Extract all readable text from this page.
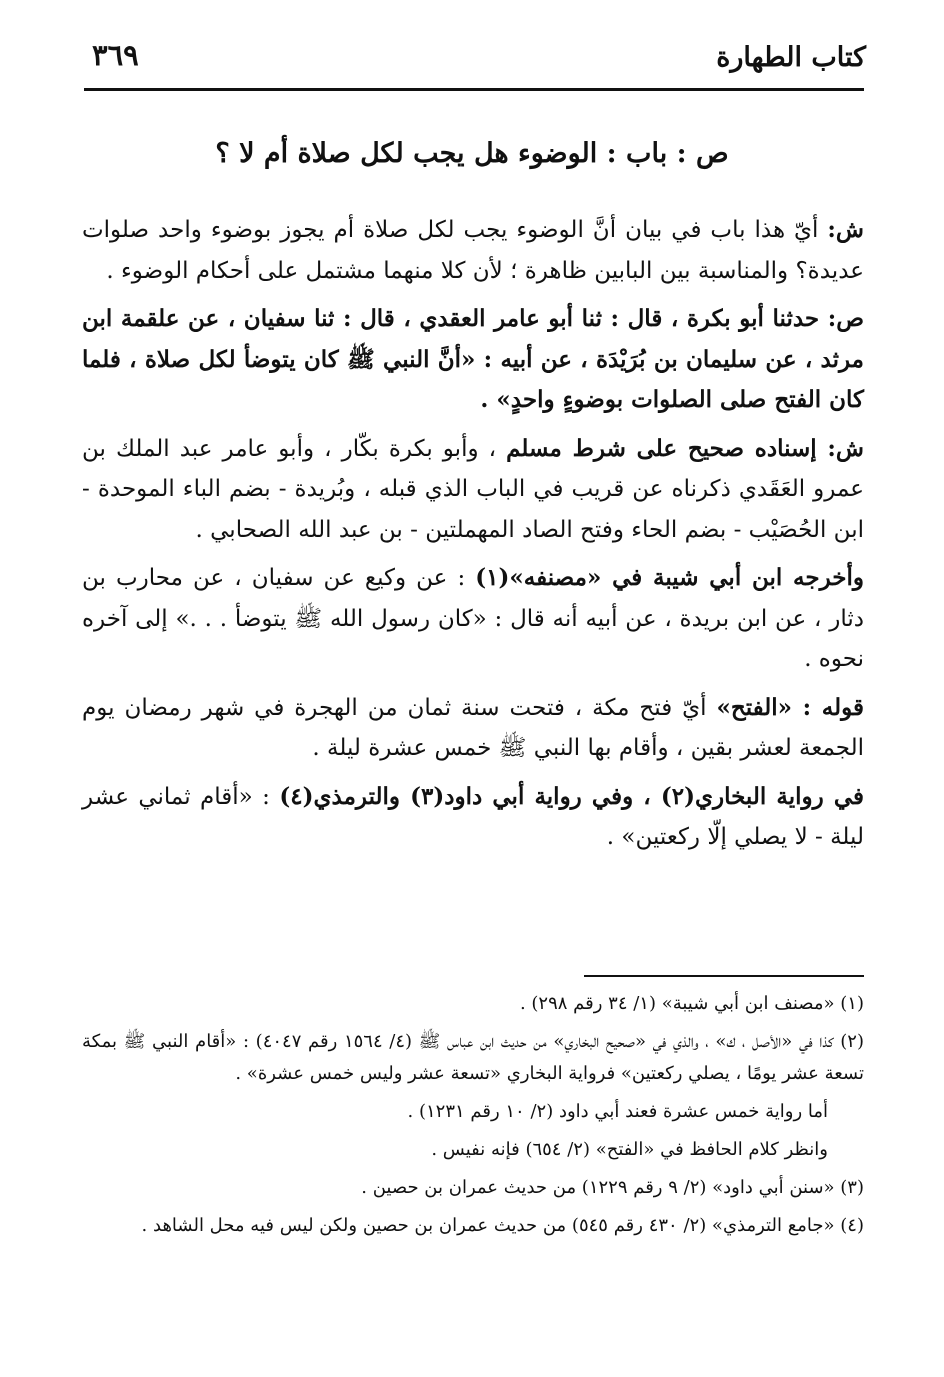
كتاب الطهارة
٣٦٩
ص : باب : الوضوء هل يجب لكل صلاة أم لا ؟

ش: أيّ هذا باب في بيان أنَّ الوضوء يجب لكل صلاة أم يجوز بوضوء واحد صلوات عديدة؟ والمناسبة بين البابين ظاهرة ؛ لأن كلا منهما مشتمل على أحكام الوضوء .

ص: حدثنا أبو بكرة ، قال : ثنا أبو عامر العقدي ، قال : ثنا سفيان ، عن علقمة ابن مرثد ، عن سليمان بن بُرَيْدَة ، عن أبيه : «أنَّ النبي ﷺ كان يتوضأ لكل صلاة ، فلما كان الفتح صلى الصلوات بوضوءٍ واحدٍ» .

ش: إسناده صحيح على شرط مسلم ، وأبو بكرة بكّار ، وأبو عامر عبد الملك بن عمرو العَقَدي ذكرناه عن قريب في الباب الذي قبله ، وبُريدة - بضم الباء الموحدة - ابن الحُصَيْب - بضم الحاء وفتح الصاد المهملتين - بن عبد الله الصحابي .

وأخرجه ابن أبي شيبة في «مصنفه»(١) : عن وكيع عن سفيان ، عن محارب بن دثار ، عن ابن بريدة ، عن أبيه أنه قال : «كان رسول الله ﷺ يتوضأ . . .» إلى آخره نحوه .

قوله : «الفتح» أيّ فتح مكة ، فتحت سنة ثمان من الهجرة في شهر رمضان يوم الجمعة لعشر بقين ، وأقام بها النبي ﷺ خمس عشرة ليلة .

في رواية البخاري(٢) ، وفي رواية أبي داود(٣) والترمذي(٤) : «أقام ثماني عشر ليلة - لا يصلي إلّا ركعتين» .

(١) «مصنف ابن أبي شيبة» (١/ ٣٤ رقم ٢٩٨) .

(٢) كذا في «الأصل ، ك» ، والذي في «صحيح البخاري» من حديث ابن عباس ﷺ (٤/ ١٥٦٤ رقم ٤٠٤٧) : «أقام النبي ﷺ بمكة تسعة عشر يومًا ، يصلي ركعتين» فرواية البخاري «تسعة عشر وليس خمس عشرة» .

أما رواية خمس عشرة فعند أبي داود (٢/ ١٠ رقم ١٢٣١) .

وانظر كلام الحافظ في «الفتح» (٢/ ٦٥٤) فإنه نفيس .

(٣) «سنن أبي داود» (٢/ ٩ رقم ١٢٢٩) من حديث عمران بن حصين .

(٤) «جامع الترمذي» (٢/ ٤٣٠ رقم ٥٤٥) من حديث عمران بن حصين ولكن ليس فيه محل الشاهد .
